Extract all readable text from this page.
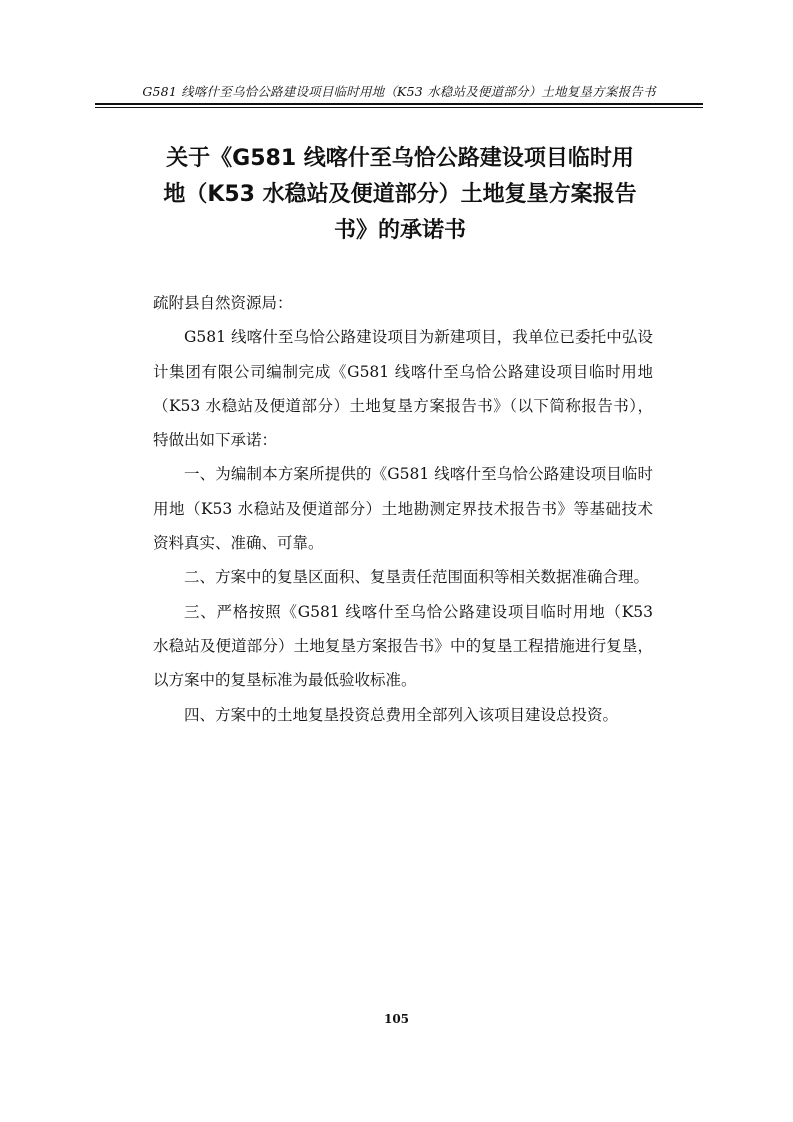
G581 线喀什至乌恰公路建设项目临时用地（K53 水稳站及便道部分）土地复垦方案报告书
关于《G581 线喀什至乌恰公路建设项目临时用
地（K53 水稳站及便道部分）土地复垦方案报告
书》的承诺书

疏附县自然资源局：

G581 线喀什至乌恰公路建设项目为新建项目，我单位已委托中弘设计集团有限公司编制完成《G581 线喀什至乌恰公路建设项目临时用地（K53 水稳站及便道部分）土地复垦方案报告书》（以下简称报告书），特做出如下承诺：

一、为编制本方案所提供的《G581 线喀什至乌恰公路建设项目临时用地（K53 水稳站及便道部分）土地勘测定界技术报告书》等基础技术资料真实、准确、可靠。

二、方案中的复垦区面积、复垦责任范围面积等相关数据准确合理。

三、严格按照《G581 线喀什至乌恰公路建设项目临时用地（K53 水稳站及便道部分）土地复垦方案报告书》中的复垦工程措施进行复垦，以方案中的复垦标准为最低验收标准。

四、方案中的土地复垦投资总费用全部列入该项目建设总投资。

105
